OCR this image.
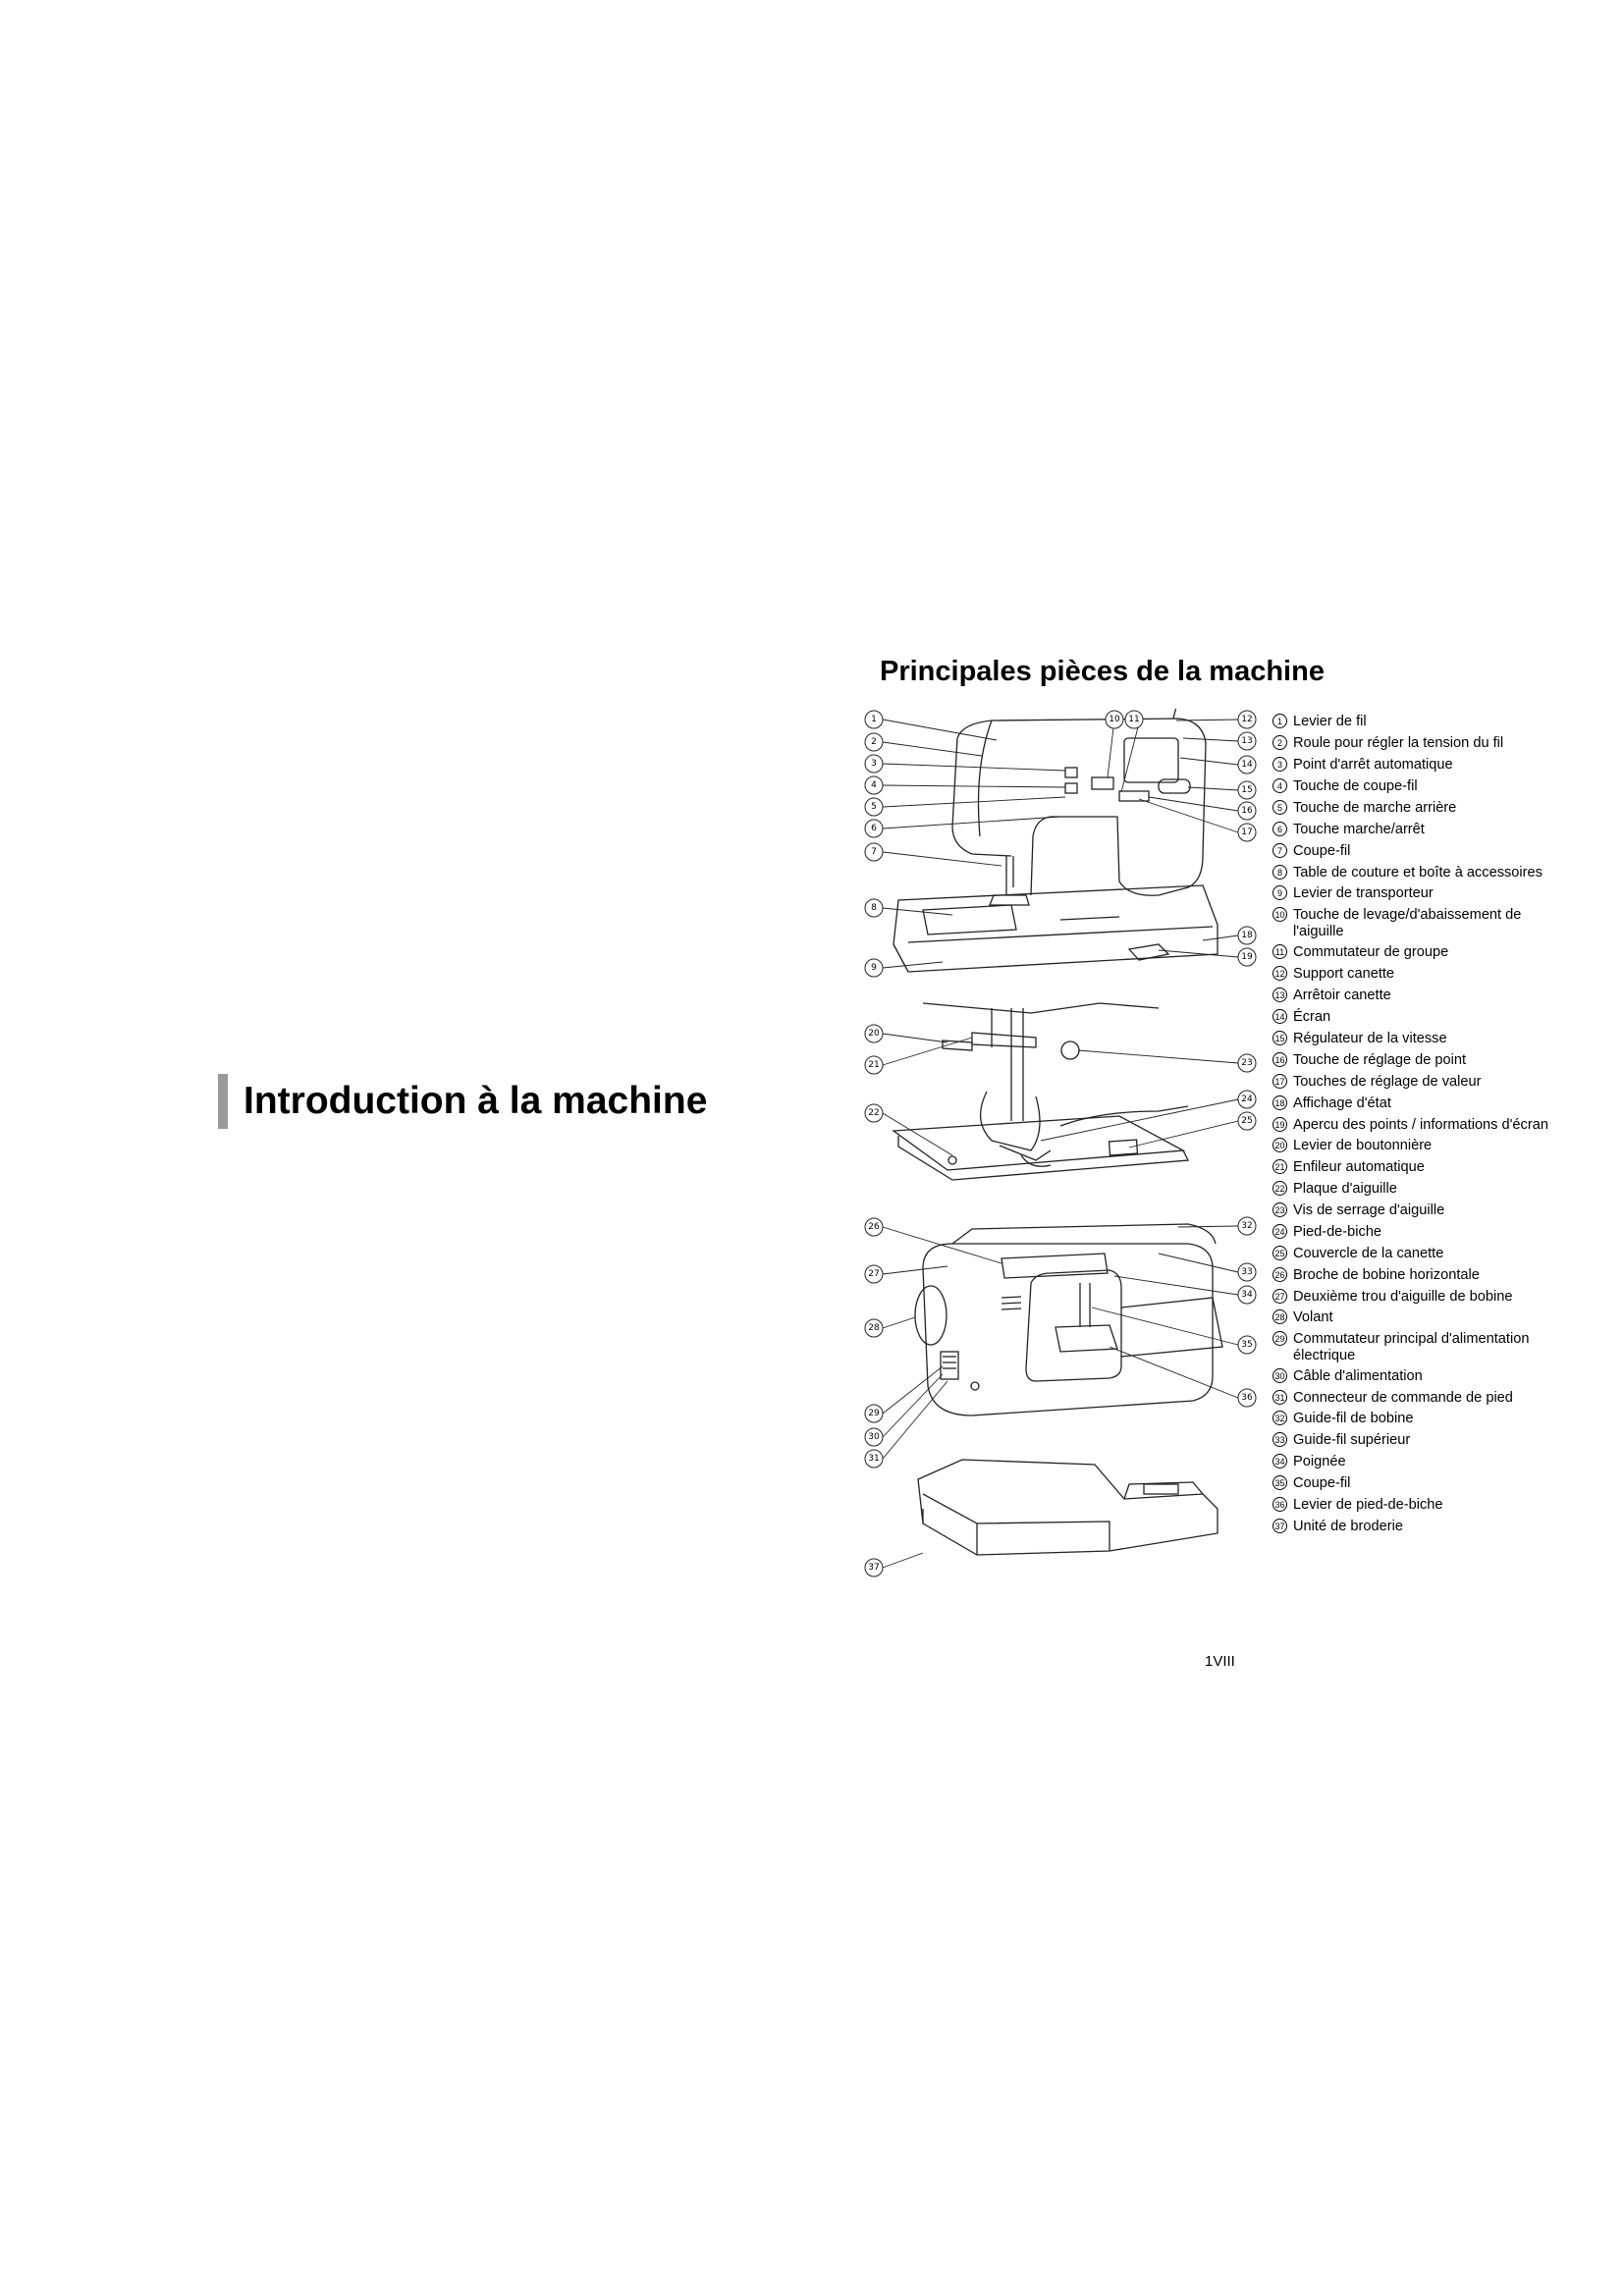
Introduction à la machine
Principales pièces de la machine
1
2
3
4
5
6
7
8
9
20
21
22
26
27
28
29
30
31
37
10 11	12
13
14
15
16
17
18
19
23
24
25
32
33
34
35
36
1 Levier de fil
2 Roule pour régler la tension du fil
3 Point d'arrêt automatique
4 Touche de coupe-fil
5 Touche de marche arrière
6 Touche marche/arrêt
7 Coupe-fil
8 Table de couture et boîte à accessoires
9 Levier de transporteur
10 Touche de levage/d'abaissement de l'aiguille
11 Commutateur de groupe
12 Support canette
13 Arrêtoir canette
14 Écran
15 Régulateur de la vitesse
16 Touche de réglage de point
17 Touches de réglage de valeur
18 Affichage d'état
19 Apercu des points / informations d'écran
20 Levier de boutonnière
21 Enfileur automatique
22 Plaque d'aiguille
23 Vis de serrage d'aiguille
24 Pied-de-biche
25 Couvercle de la canette
26 Broche de bobine horizontale
27 Deuxième trou d'aiguille de bobine
28 Volant
29 Commutateur principal d'alimentation électrique
30 Câble d'alimentation
31 Connecteur de commande de pied
32 Guide-fil de bobine
33 Guide-fil supérieur
34 Poignée
35 Coupe-fil
36 Levier de pied-de-biche
37 Unité de broderie
1VIII
